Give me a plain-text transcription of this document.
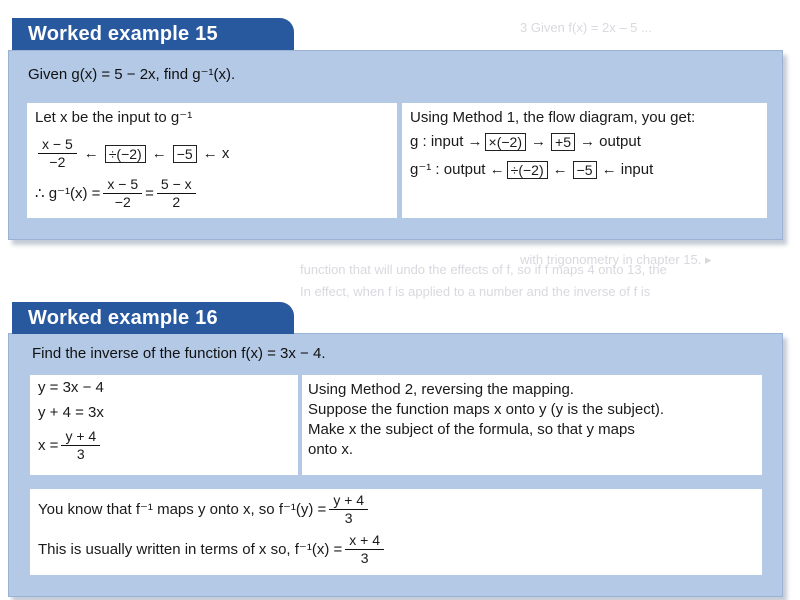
3 Given f(x) = 2x – 5 ...
with trigonometry in chapter 15. ▸
function that will undo the effects of f, so if f maps 4 onto 13, the
In effect, when f is applied to a number and the inverse of f is
Worked example 15
Given g(x) = 5 − 2x, find g⁻¹(x).
Let x be the input to g⁻¹
$\frac{x - 5}{-2}$ ← ÷(−2) ← −5 ← x
∴ $g^{-1}(x) = \frac{x - 5}{-2} = \frac{5 - x}{2}$
Using Method 1, the flow diagram, you get:
g : input → ×(−2) → +5 → output
g⁻¹ : output ← ÷(−2) ← −5 ← input
Worked example 16
Find the inverse of the function f(x) = 3x − 4.
y = 3x − 4
y + 4 = 3x
$x = \frac{y + 4}{3}$
Using Method 2, reversing the mapping.
Suppose the function maps x onto y (y is the subject).
Make x the subject of the formula, so that y maps
onto x.
You know that f⁻¹ maps y onto x, so $f^{-1}(y) = \frac{y + 4}{3}$
This is usually written in terms of x so, $f^{-1}(x) = \frac{x + 4}{3}$
